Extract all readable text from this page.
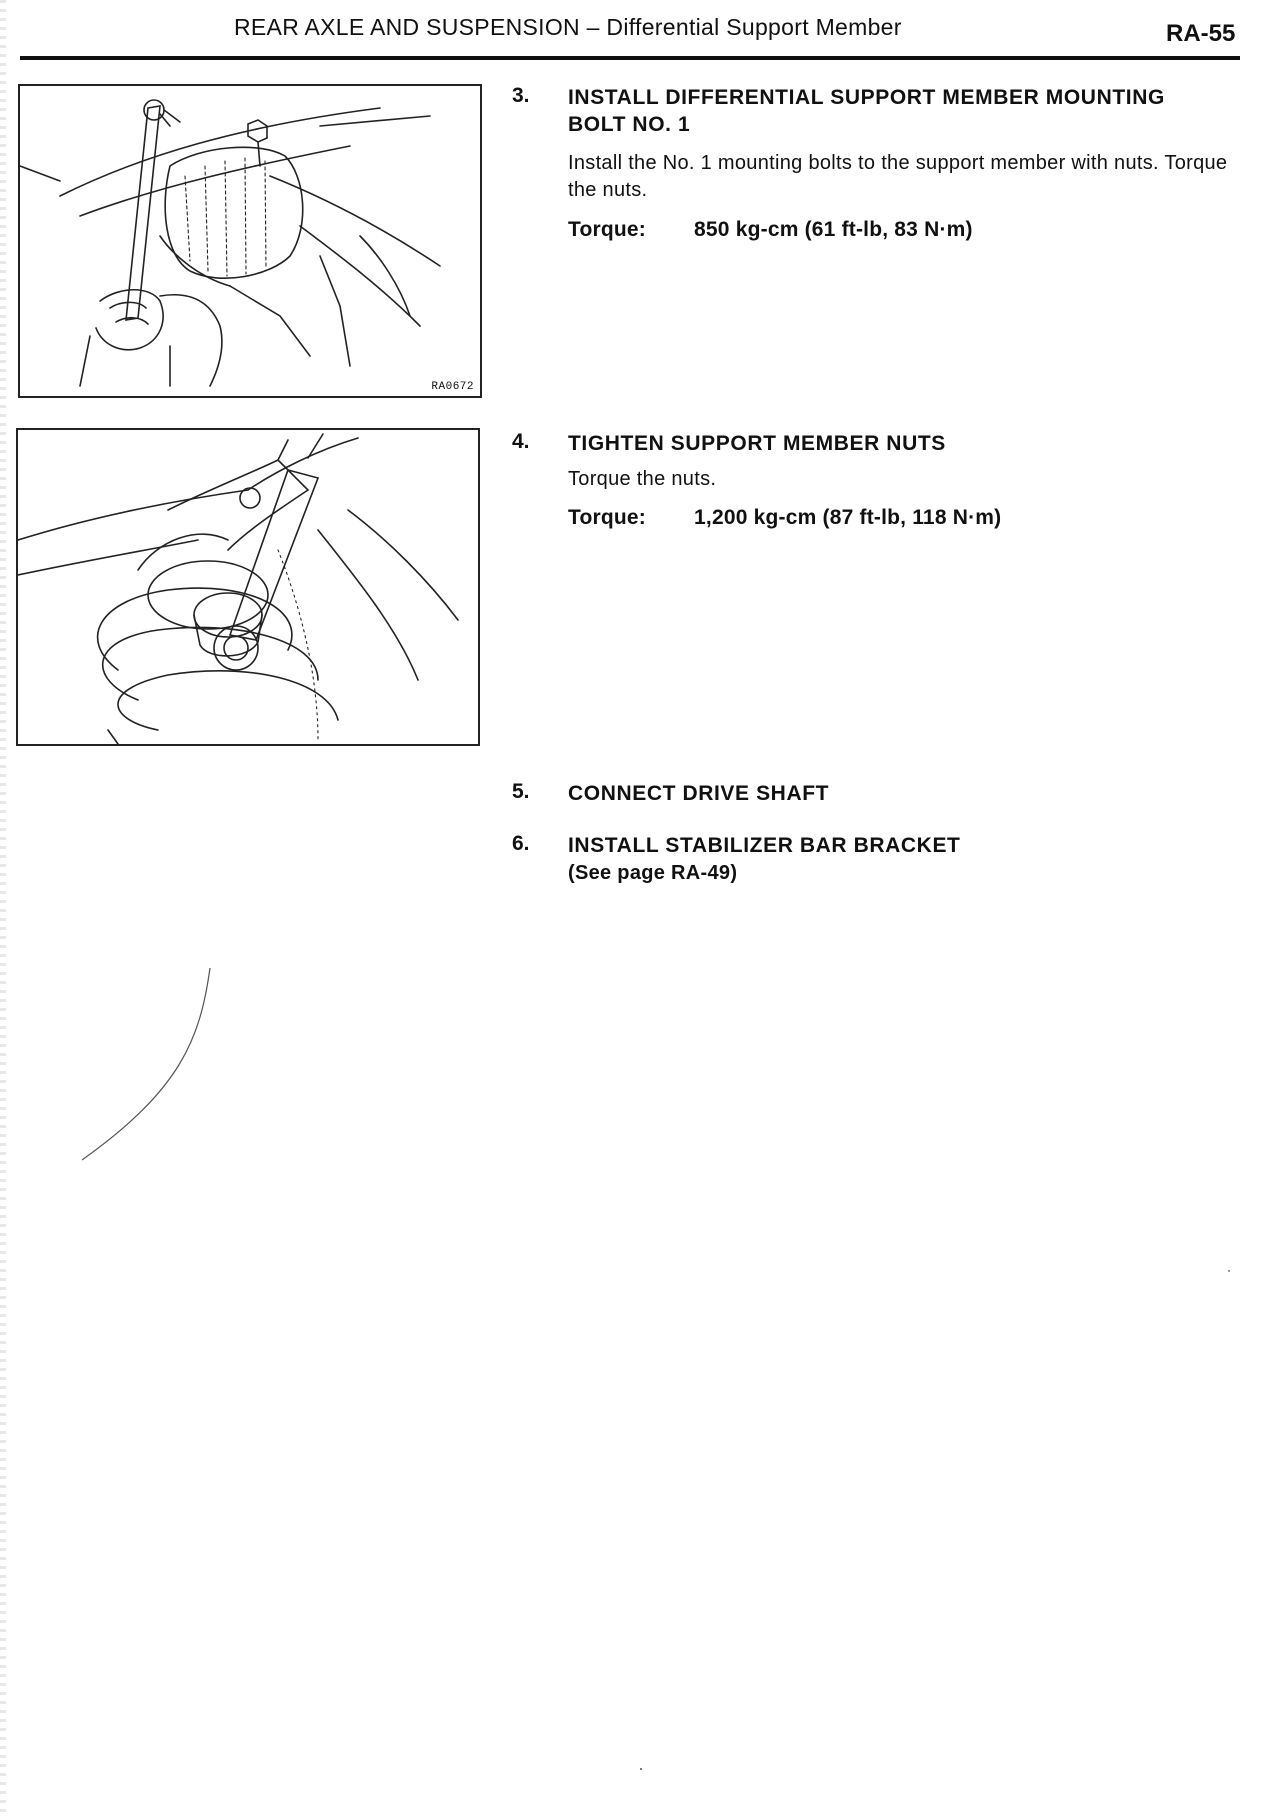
REAR AXLE AND SUSPENSION – Differential Support Member	RA-55
RA0672
3. INSTALL DIFFERENTIAL SUPPORT MEMBER MOUNTING BOLT NO. 1
Install the No. 1 mounting bolts to the support member with nuts. Torque the nuts.
Torque: 850 kg-cm (61 ft-lb, 83 N·m)
4. TIGHTEN SUPPORT MEMBER NUTS
Torque the nuts.
Torque: 1,200 kg-cm (87 ft-lb, 118 N·m)
5. CONNECT DRIVE SHAFT
6. INSTALL STABILIZER BAR BRACKET
(See page RA-49)
